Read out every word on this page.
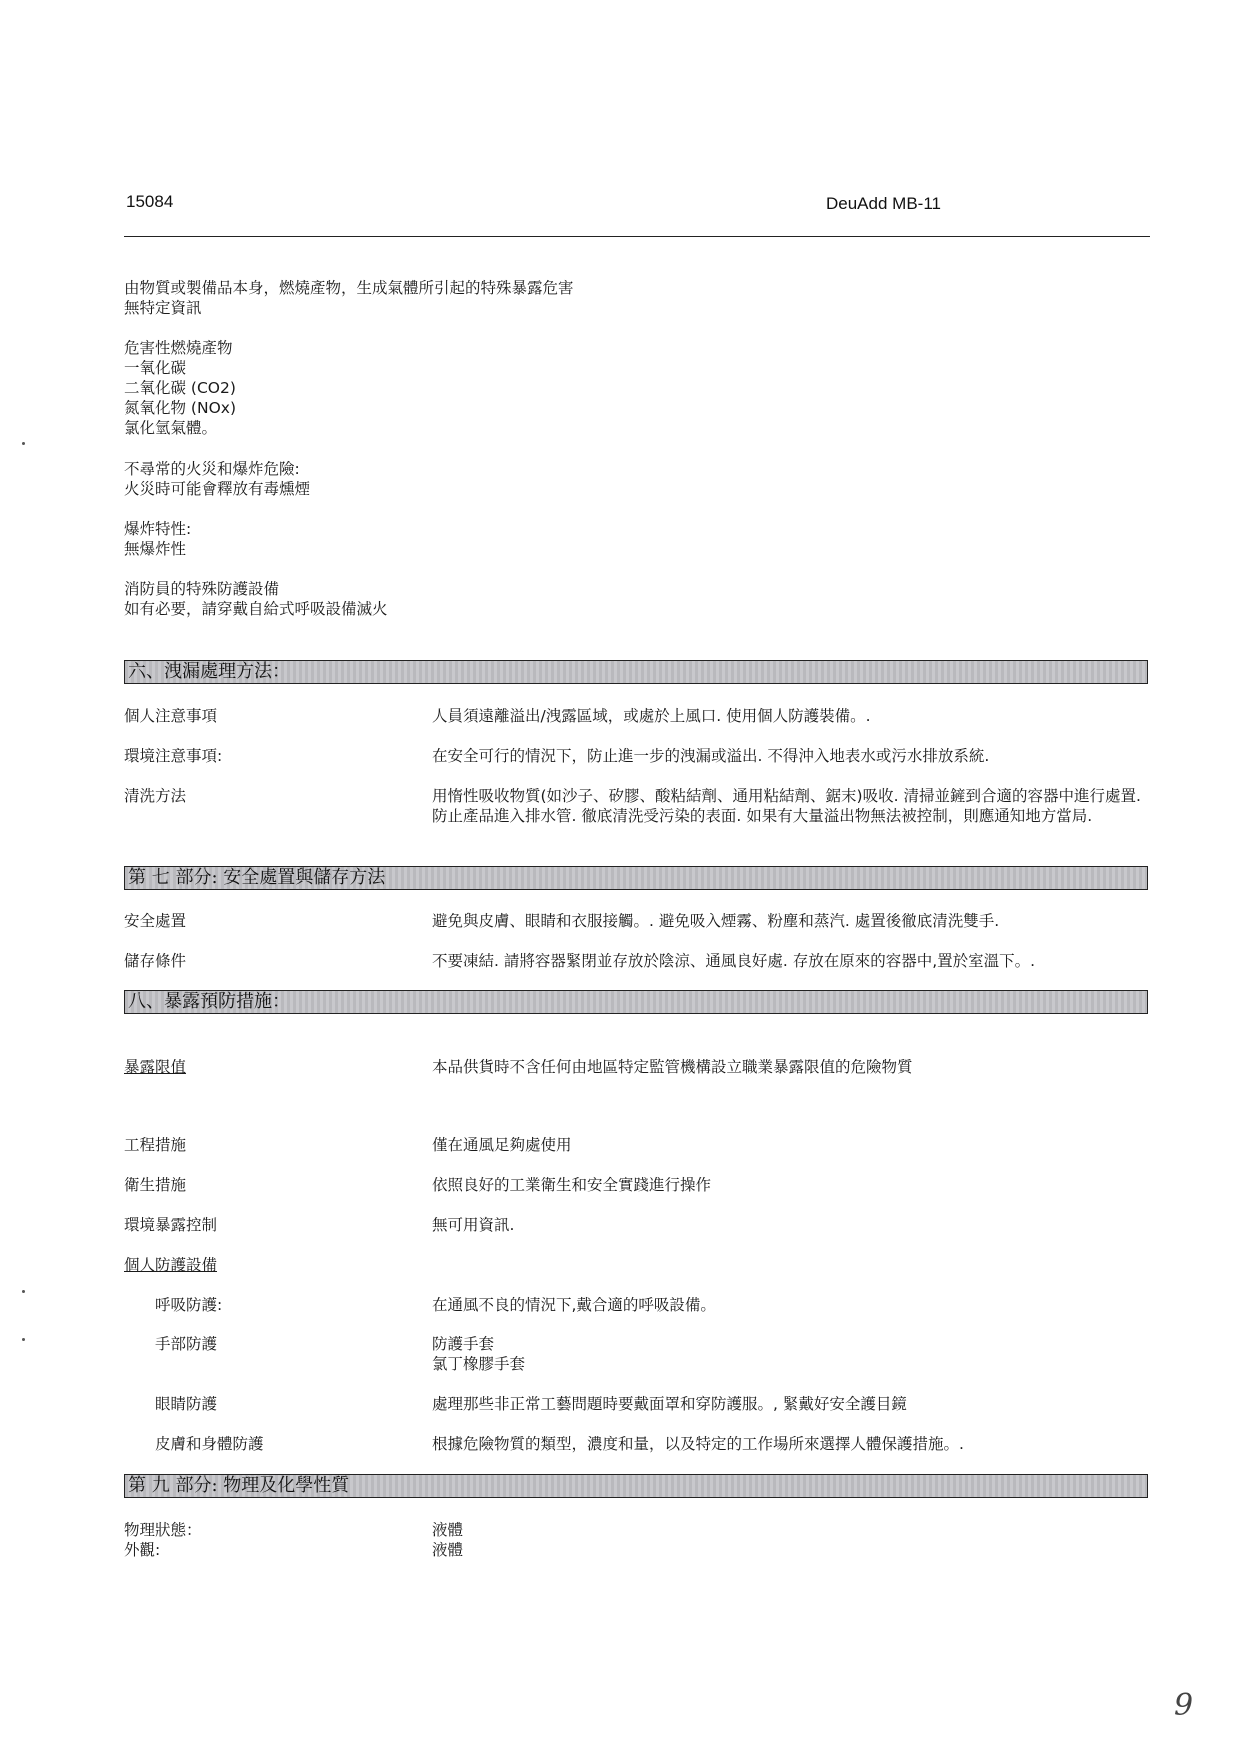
15084	DeuAdd MB-11
由物質或製備品本身，燃燒產物，生成氣體所引起的特殊暴露危害
無特定資訊
危害性燃燒產物
一氧化碳
二氧化碳 (CO2)
氮氧化物 (NOx)
氯化氫氣體。
不尋常的火災和爆炸危險:
火災時可能會釋放有毒燻煙
爆炸特性:
無爆炸性
消防員的特殊防護設備
如有必要，請穿戴自給式呼吸設備滅火
六、洩漏處理方法：
個人注意事項	人員須遠離溢出/洩露區域，或處於上風口. 使用個人防護裝備。.
環境注意事項:	在安全可行的情況下，防止進一步的洩漏或溢出. 不得沖入地表水或污水排放系統.
清洗方法	用惰性吸收物質(如沙子、矽膠、酸粘結劑、通用粘結劑、鋸末)吸收. 清掃並鏟到合適的容器中進行處置. 防止產品進入排水管. 徹底清洗受污染的表面. 如果有大量溢出物無法被控制，則應通知地方當局.
第 七 部分: 安全處置與儲存方法
安全處置	避免與皮膚、眼睛和衣服接觸。. 避免吸入煙霧、粉塵和蒸汽. 處置後徹底清洗雙手.
儲存條件	不要凍結. 請將容器緊閉並存放於陰涼、通風良好處. 存放在原來的容器中,置於室溫下。.
八、暴露預防措施：
暴露限值	本品供貨時不含任何由地區特定監管機構設立職業暴露限值的危險物質
工程措施	僅在通風足夠處使用
衛生措施	依照良好的工業衛生和安全實踐進行操作
環境暴露控制	無可用資訊.
個人防護設備
呼吸防護:	在通風不良的情況下,戴合適的呼吸設備。
手部防護	防護手套
氯丁橡膠手套
眼睛防護	處理那些非正常工藝問題時要戴面罩和穿防護服。, 緊戴好安全護目鏡
皮膚和身體防護	根據危險物質的類型，濃度和量，以及特定的工作場所來選擇人體保護措施。.
第 九 部分: 物理及化學性質
物理狀態：	液體
外觀:	液體
9
